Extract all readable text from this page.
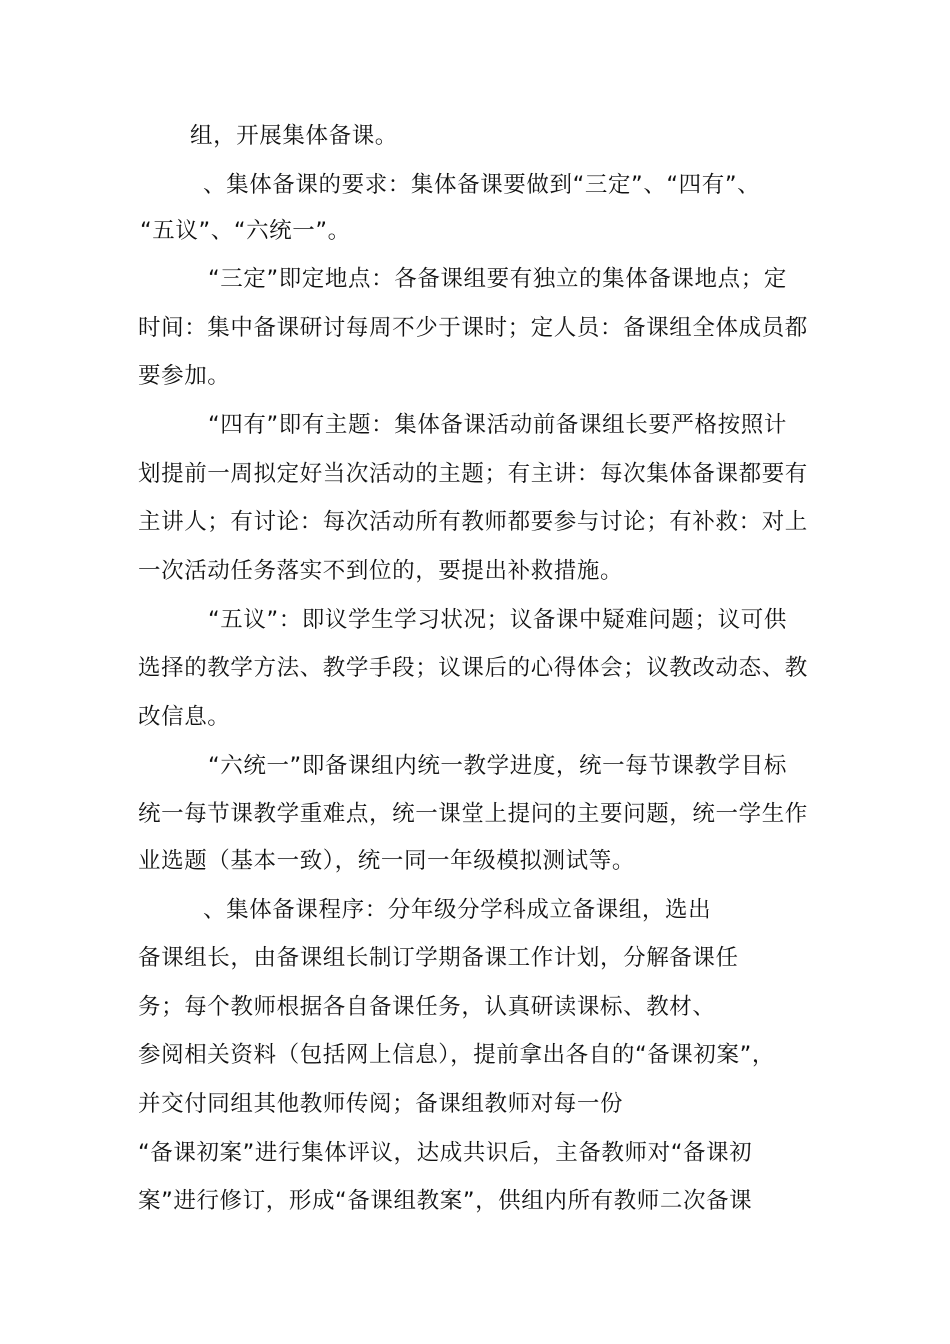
组，开展集体备课。
、集体备课的要求：集体备课要做到“三定”、“四有”、
“五议”、“六统一”。
“三定”即定地点：各备课组要有独立的集体备课地点；定
时间：集中备课研讨每周不少于课时；定人员：备课组全体成员都
要参加。
“四有”即有主题：集体备课活动前备课组长要严格按照计
划提前一周拟定好当次活动的主题；有主讲：每次集体备课都要有
主讲人；有讨论：每次活动所有教师都要参与讨论；有补救：对上
一次活动任务落实不到位的，要提出补救措施。
“五议”：即议学生学习状况；议备课中疑难问题；议可供
选择的教学方法、教学手段；议课后的心得体会；议教改动态、教
改信息。
“六统一”即备课组内统一教学进度，统一每节课教学目标
统一每节课教学重难点，统一课堂上提问的主要问题，统一学生作
业选题（基本一致），统一同一年级模拟测试等。
、集体备课程序：分年级分学科成立备课组，选出
备课组长，由备课组长制订学期备课工作计划，分解备课任
务；每个教师根据各自备课任务，认真研读课标、教材、
参阅相关资料（包括网上信息），提前拿出各自的“备课初案”，
并交付同组其他教师传阅；备课组教师对每一份
“备课初案”进行集体评议，达成共识后，主备教师对“备课初
案”进行修订，形成“备课组教案”，供组内所有教师二次备课
